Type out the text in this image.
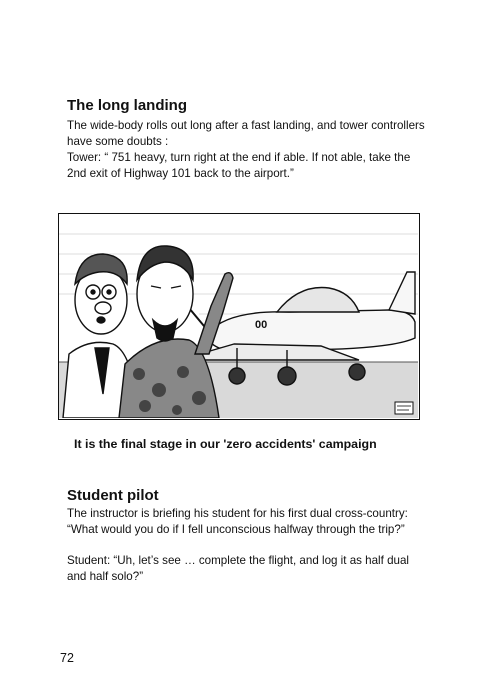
The long landing

The wide-body rolls out long after a fast landing, and tower controllers have some doubts :

Tower: “ 751 heavy, turn right at the end if able. If not able, take the 2nd exit of Highway 101 back to the airport.”

00

It is the final stage in our 'zero accidents' campaign

Student pilot

The instructor is briefing his student for his first dual cross-country: “What would you do if I fell unconscious halfway through the trip?”

Student: “Uh, let’s see … complete the flight, and log it as half dual and half solo?”

72
